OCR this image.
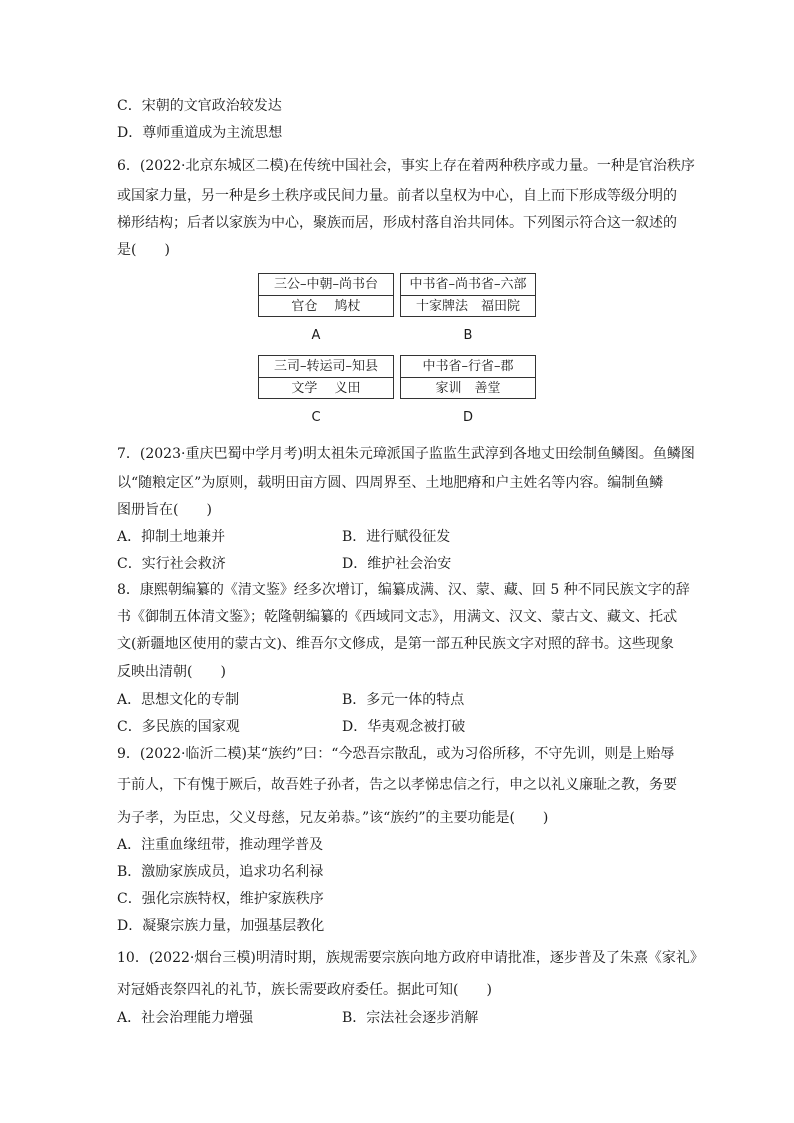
C．宋朝的文官政治较发达
D．尊师重道成为主流思想
6．(2022·北京东城区二模)在传统中国社会，事实上存在着两种秩序或力量。一种是官治秩序
或国家力量，另一种是乡土秩序或民间力量。前者以皇权为中心，自上而下形成等级分明的
梯形结构；后者以家族为中心，聚族而居，形成村落自治共同体。下列图示符合这一叙述的
是(　　)
三公–中朝–尚书台
官仓　 鸠杖
A
中书省–尚书省–六部
十家牌法　福田院
B
三司–转运司–知县
文学　 义田
C
中书省–行省–郡
家训　善堂
D
7．(2023·重庆巴蜀中学月考)明太祖朱元璋派国子监监生武淳到各地丈田绘制鱼鳞图。鱼鳞图
以“随粮定区”为原则，载明田亩方圆、四周界至、土地肥瘠和户主姓名等内容。编制鱼鳞
图册旨在(　　)
A．抑制土地兼并	B．进行赋役征发
C．实行社会救济	D．维护社会治安
8．康熙朝编纂的《清文鉴》经多次增订，编纂成满、汉、蒙、藏、回 5 种不同民族文字的辞
书《御制五体清文鉴》；乾隆朝编纂的《西域同文志》，用满文、汉文、蒙古文、藏文、托忒
文(新疆地区使用的蒙古文)、维吾尔文修成，是第一部五种民族文字对照的辞书。这些现象
反映出清朝(　　)
A．思想文化的专制	B．多元一体的特点
C．多民族的国家观	D．华夷观念被打破
9．(2022·临沂二模)某“族约”曰：“今恐吾宗散乱，或为习俗所移，不守先训，则是上贻辱
于前人，下有愧于厥后，故吾姓子孙者，告之以孝悌忠信之行，申之以礼义廉耻之教，务要
为子孝，为臣忠，父义母慈，兄友弟恭。”该“族约”的主要功能是(　　)
A．注重血缘纽带，推动理学普及
B．激励家族成员，追求功名利禄
C．强化宗族特权，维护家族秩序
D．凝聚宗族力量，加强基层教化
10．(2022·烟台三模)明清时期，族规需要宗族向地方政府申请批准，逐步普及了朱熹《家礼》
对冠婚丧祭四礼的礼节，族长需要政府委任。据此可知(　　)
A．社会治理能力增强	B．宗法社会逐步消解
